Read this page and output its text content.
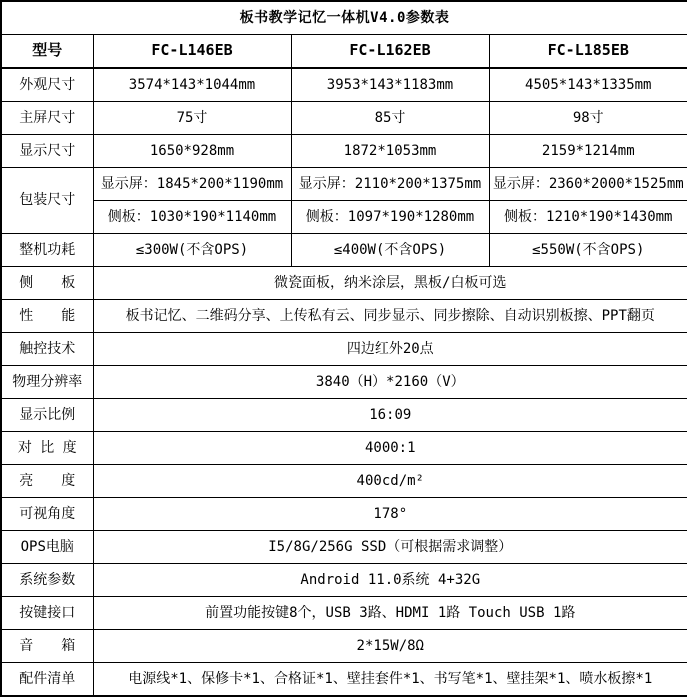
板书教学记忆一体机V4.0参数表			
型号	FC-L146EB	FC-L162EB	FC-L185EB
外观尺寸	3574*143*1044mm	3953*143*1183mm	4505*143*1335mm
主屏尺寸	75寸	85寸	98寸
显示尺寸	1650*928mm	1872*1053mm	2159*1214mm
包装尺寸	显示屏：1845*200*1190mm	显示屏：2110*200*1375mm	显示屏：2360*2000*1525mm
	侧板：1030*190*1140mm	侧板：1097*190*1280mm	侧板：1210*190*1430mm
整机功耗	≤300W(不含OPS)	≤400W(不含OPS)	≤550W(不含OPS)
侧　　板	微瓷面板，纳米涂层，黑板/白板可选		
性　　能	板书记忆、二维码分享、上传私有云、同步显示、同步擦除、自动识别板擦、PPT翻页		
触控技术	四边红外20点		
物理分辨率	3840（H）*2160（V）		
显示比例	16:09		
对 比 度	4000:1		
亮　　度	400cd/m²		
可视角度	178°		
OPS电脑	I5/8G/256G SSD（可根据需求调整）		
系统参数	Android 11.0系统 4+32G		
按键接口	前置功能按键8个，USB 3路、HDMI 1路 Touch USB 1路		
音　　箱	2*15W/8Ω		
配件清单	电源线*1、保修卡*1、合格证*1、壁挂套件*1、书写笔*1、壁挂架*1、喷水板擦*1		
